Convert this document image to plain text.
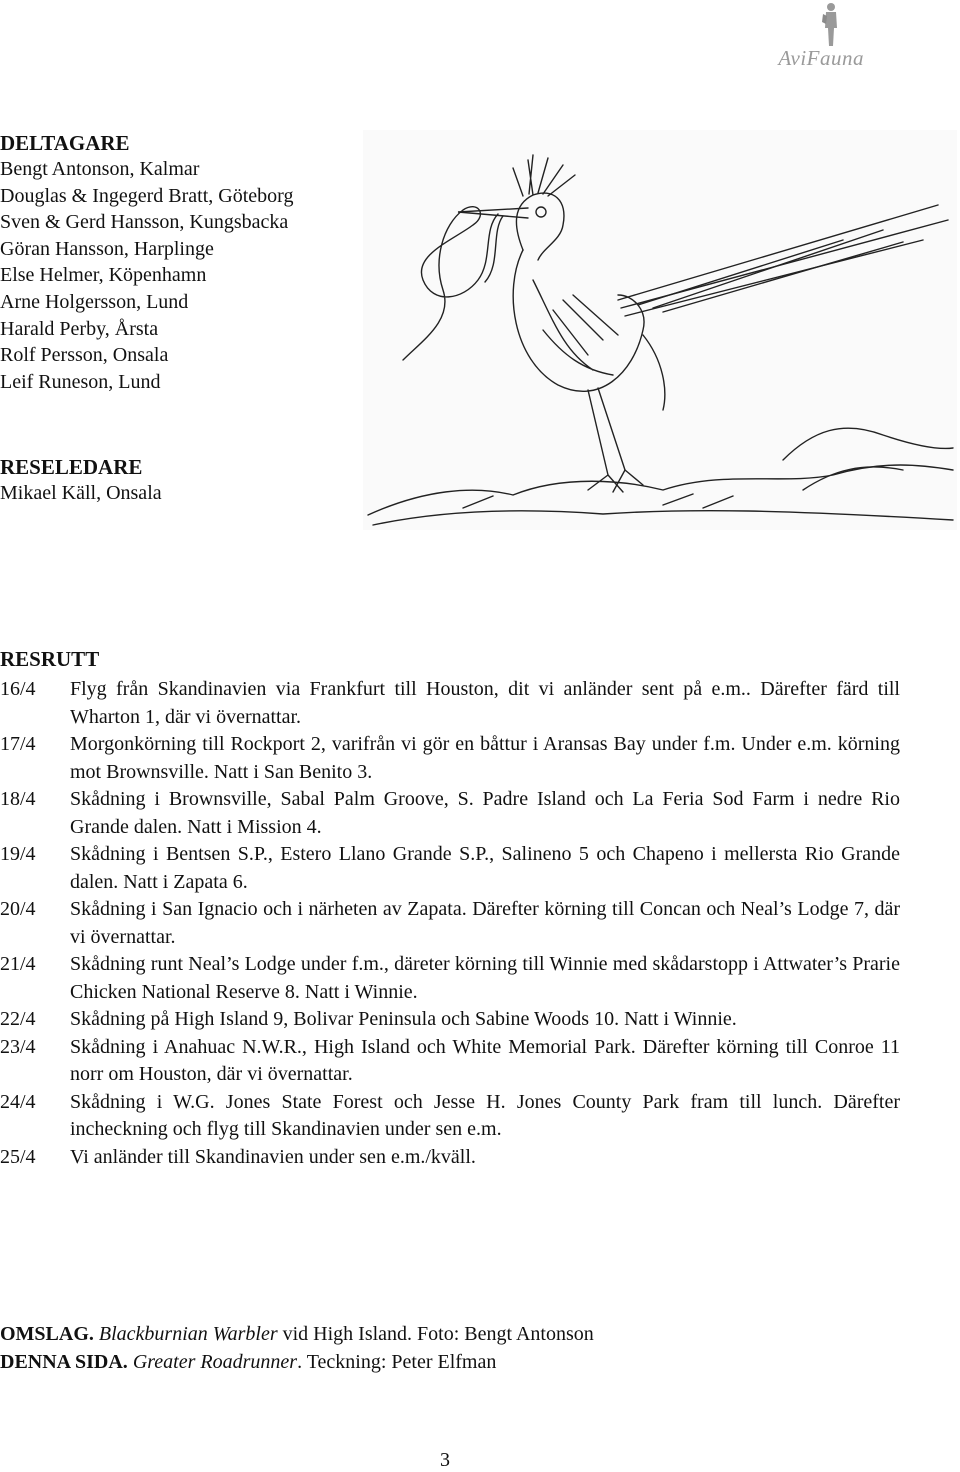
AviFauna
DELTAGARE
Bengt Antonson, Kalmar
Douglas & Ingegerd Bratt, Göteborg
Sven & Gerd Hansson, Kungsbacka
Göran Hansson, Harplinge
Else Helmer, Köpenhamn
Arne Holgersson, Lund
Harald Perby, Årsta
Rolf Persson, Onsala
Leif Runeson, Lund
RESELEDARE
Mikael Käll, Onsala
RESRUTT
16/4	Flyg från Skandinavien via Frankfurt till Houston, dit vi anländer sent på e.m.. Därefter färd till Wharton 1, där vi övernattar.
17/4	Morgonkörning till Rockport 2, varifrån vi gör en båttur i Aransas Bay under f.m. Under e.m. körning mot Brownsville. Natt i San Benito 3.
18/4	Skådning i Brownsville, Sabal Palm Groove, S. Padre Island och La Feria Sod Farm i nedre Rio Grande dalen. Natt i Mission 4.
19/4	Skådning i Bentsen S.P., Estero Llano Grande S.P., Salineno 5 och Chapeno i mellersta Rio Grande dalen. Natt i Zapata 6.
20/4	Skådning i San Ignacio och i närheten av Zapata. Därefter körning till Concan och Neal’s Lodge 7, där vi övernattar.
21/4	Skådning runt Neal’s Lodge under f.m., däreter körning till Winnie med skådarstopp i Attwater’s Prarie Chicken National Reserve 8. Natt i Winnie.
22/4	Skådning på High Island 9, Bolivar Peninsula och Sabine Woods 10. Natt i Winnie.
23/4	Skådning i Anahuac N.W.R., High Island och White Memorial Park. Därefter körning till Conroe 11 norr om Houston, där vi övernattar.
24/4	Skådning i W.G. Jones State Forest och Jesse H. Jones County Park fram till lunch. Därefter incheckning och flyg till Skandinavien under sen e.m.
25/4	Vi anländer till Skandinavien under sen e.m./kväll.
OMSLAG. Blackburnian Warbler vid High Island. Foto: Bengt Antonson
DENNA SIDA. Greater Roadrunner. Teckning: Peter Elfman
3
